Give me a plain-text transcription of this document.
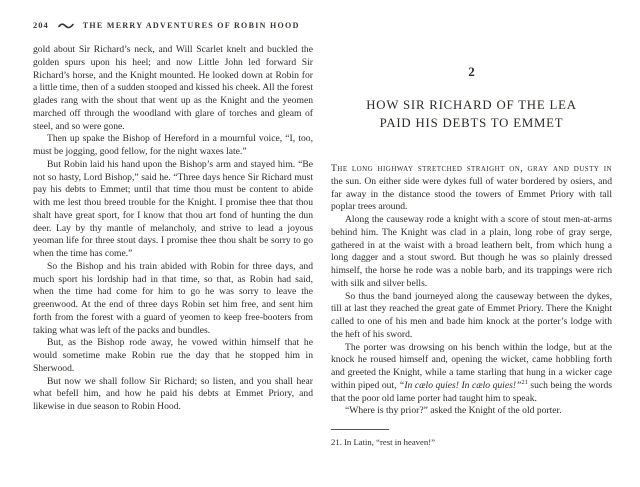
204	THE MERRY ADVENTURES OF ROBIN HOOD

gold about Sir Richard’s neck, and Will Scarlet knelt and buckled the golden spurs upon his heel; and now Little John led forward Sir Richard’s horse, and the Knight mounted. He looked down at Robin for a little time, then of a sudden stooped and kissed his cheek. All the forest glades rang with the shout that went up as the Knight and the yeomen marched off through the woodland with glare of torches and gleam of steel, and so were gone.

Then up spake the Bishop of Hereford in a mournful voice, “I, too, must be jogging, good fellow, for the night waxes late.”

But Robin laid his hand upon the Bishop’s arm and stayed him. “Be not so hasty, Lord Bishop,” said he. “Three days hence Sir Richard must pay his debts to Emmet; until that time thou must be content to abide with me lest thou breed trouble for the Knight. I promise thee that thou shalt have great sport, for I know that thou art fond of hunting the dun deer. Lay by thy mantle of melancholy, and strive to lead a joyous yeoman life for three stout days. I promise thee thou shalt be sorry to go when the time has come.”

So the Bishop and his train abided with Robin for three days, and much sport his lordship had in that time, so that, as Robin had said, when the time had come for him to go he was sorry to leave the greenwood. At the end of three days Robin set him free, and sent him forth from the forest with a guard of yeomen to keep free-booters from taking what was left of the packs and bundles.

But, as the Bishop rode away, he vowed within himself that he would sometime make Robin rue the day that he stopped him in Sherwood.

But now we shall follow Sir Richard; so listen, and you shall hear what befell him, and how he paid his debts at Emmet Priory, and likewise in due season to Robin Hood.

2
HOW SIR RICHARD OF THE LEA
PAID HIS DEBTS TO EMMET

The long highway stretched straight on, gray and dusty in the sun. On either side were dykes full of water bordered by osiers, and far away in the distance stood the towers of Emmet Priory with tall poplar trees around.

Along the causeway rode a knight with a score of stout men-at-arms behind him. The Knight was clad in a plain, long robe of gray serge, gathered in at the waist with a broad leathern belt, from which hung a long dagger and a stout sword. But though he was so plainly dressed himself, the horse he rode was a noble barb, and its trappings were rich with silk and silver bells.

So thus the band journeyed along the causeway between the dykes, till at last they reached the great gate of Emmet Priory. There the Knight called to one of his men and bade him knock at the porter’s lodge with the heft of his sword.

The porter was drowsing on his bench within the lodge, but at the knock he roused himself and, opening the wicket, came hobbling forth and greeted the Knight, while a tame starling that hung in a wicker cage within piped out, “In cælo quies! In cælo quies!”$^{21}$ such being the words that the poor old lame porter had taught him to speak.

“Where is thy prior?” asked the Knight of the old porter.

21. In Latin, “rest in heaven!”
